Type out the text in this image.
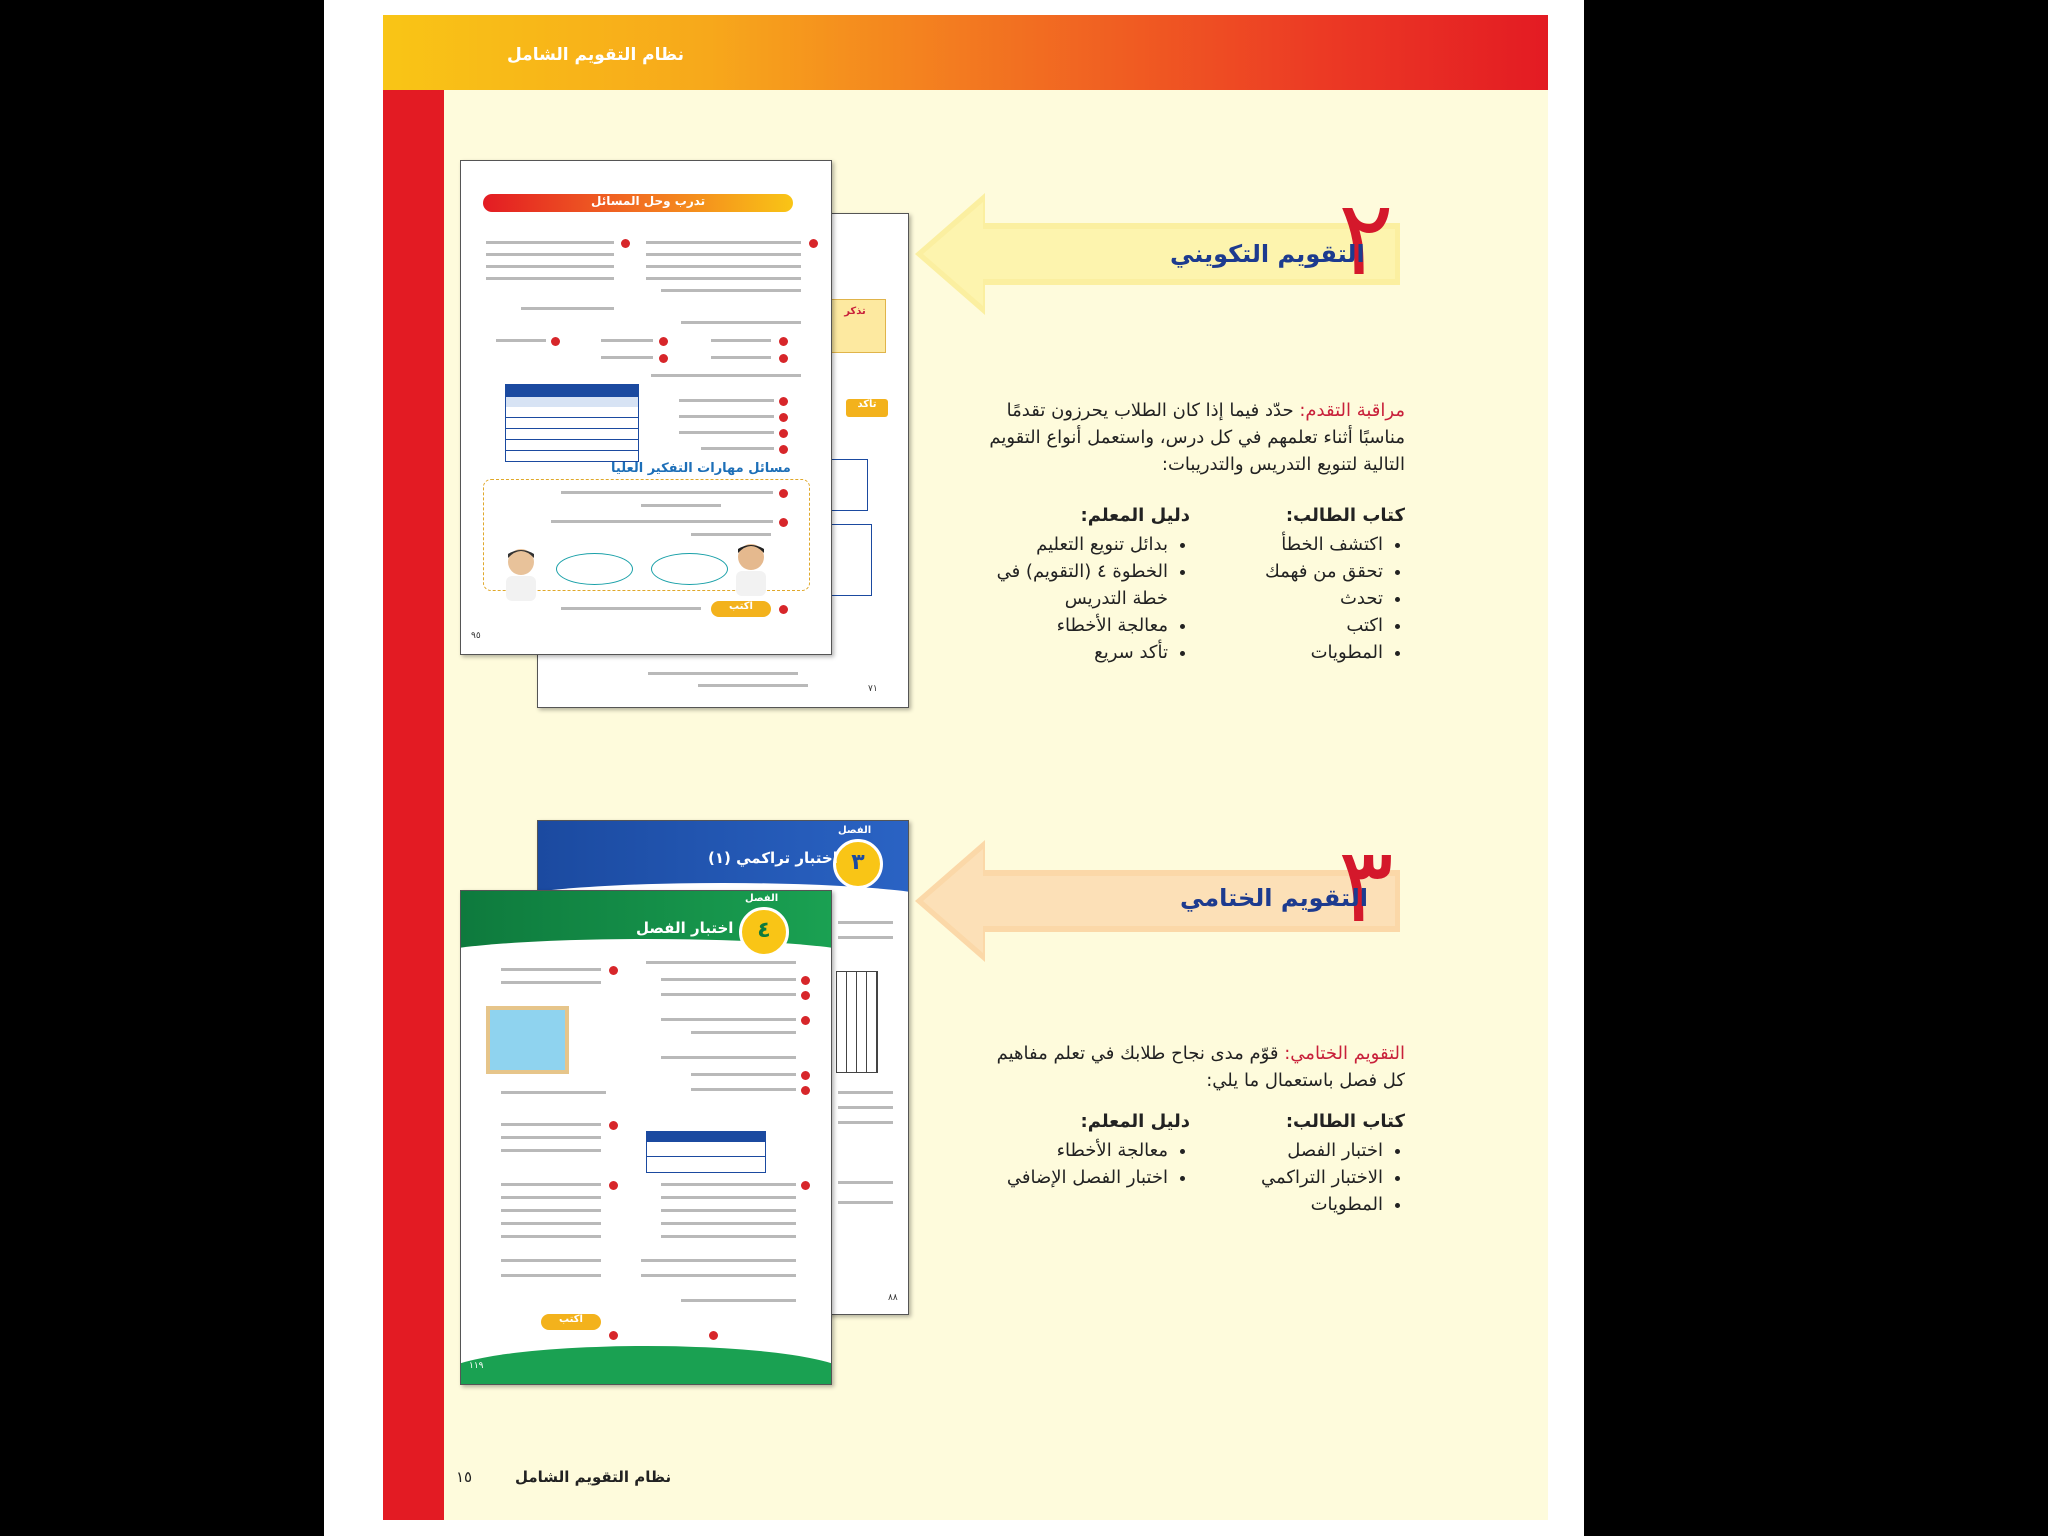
نظام التقويم الشامل
٢
التقويم التكويني
مراقبة التقدم: حدّد فيما إذا كان الطلاب يحرزون تقدمًا مناسبًا أثناء تعلمهم في كل درس، واستعمل أنواع التقويم التالية لتنويع التدريس والتدريبات:
كتاب الطالب:
• اكتشف الخطأ
• تحقق من فهمك
• تحدث
• اكتب
• المطويات
دليل المعلم:
• بدائل تنويع التعليم
• الخطوة ٤ (التقويم) في خطة التدريس
• معالجة الأخطاء
• تأكد سريع
تذكر
تأكد
٧١
تدرب وحل المسائل
مسائل مهارات التفكير العليا
اكتب
٩٥
٣
التقويم الختامي
التقويم الختامي: قوّم مدى نجاح طلابك في تعلم مفاهيم كل فصل باستعمال ما يلي:
كتاب الطالب:
• اختبار الفصل
• الاختبار التراكمي
• المطويات
دليل المعلم:
• معالجة الأخطاء
• اختبار الفصل الإضافي
٣
الفصل
اختبار تراكمي (١)
٨٨
٤
الفصل
اختبار الفصل
اكتب
١١٩
نظام التقويم الشامل
١٥
